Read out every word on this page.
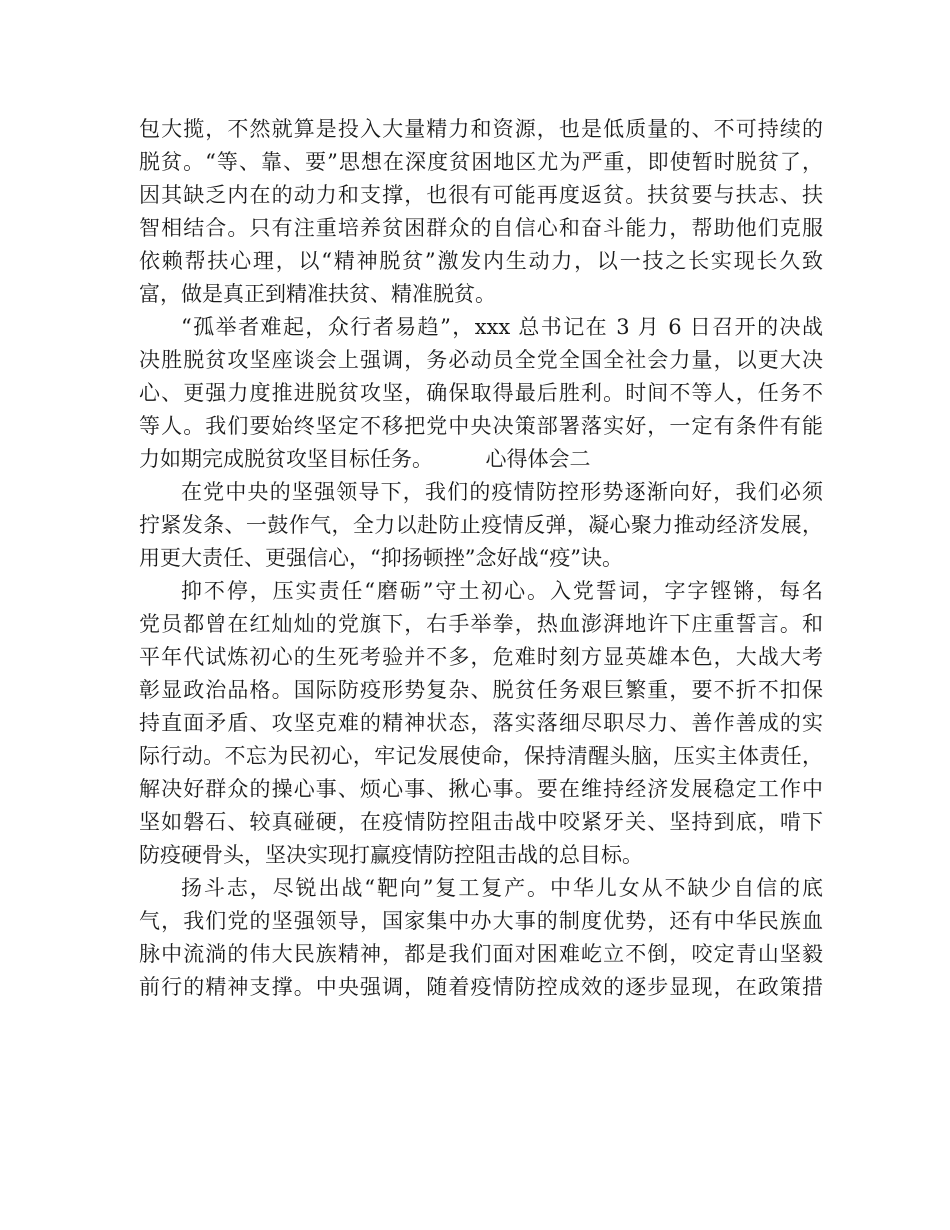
包大揽，不然就算是投入大量精力和资源，也是低质量的、不可持续的
脱贫。“等、靠、要”思想在深度贫困地区尤为严重，即使暂时脱贫了，
因其缺乏内在的动力和支撑，也很有可能再度返贫。扶贫要与扶志、扶
智相结合。只有注重培养贫困群众的自信心和奋斗能力，帮助他们克服
依赖帮扶心理，以“精神脱贫”激发内生动力，以一技之长实现长久致
富，做是真正到精准扶贫、精准脱贫。
“孤举者难起，众行者易趋”，xxx 总书记在 3 月 6 日召开的决战
决胜脱贫攻坚座谈会上强调，务必动员全党全国全社会力量，以更大决
心、更强力度推进脱贫攻坚，确保取得最后胜利。时间不等人，任务不
等人。我们要始终坚定不移把党中央决策部署落实好，一定有条件有能
力如期完成脱贫攻坚目标任务。　　　心得体会二
在党中央的坚强领导下，我们的疫情防控形势逐渐向好，我们必须
拧紧发条、一鼓作气，全力以赴防止疫情反弹，凝心聚力推动经济发展，
用更大责任、更强信心，“抑扬顿挫”念好战“疫”诀。
抑不停，压实责任“磨砺”守土初心。入党誓词，字字铿锵，每名
党员都曾在红灿灿的党旗下，右手举拳，热血澎湃地许下庄重誓言。和
平年代试炼初心的生死考验并不多，危难时刻方显英雄本色，大战大考
彰显政治品格。国际防疫形势复杂、脱贫任务艰巨繁重，要不折不扣保
持直面矛盾、攻坚克难的精神状态，落实落细尽职尽力、善作善成的实
际行动。不忘为民初心，牢记发展使命，保持清醒头脑，压实主体责任，
解决好群众的操心事、烦心事、揪心事。要在维持经济发展稳定工作中
坚如磐石、较真碰硬，在疫情防控阻击战中咬紧牙关、坚持到底，啃下
防疫硬骨头，坚决实现打赢疫情防控阻击战的总目标。
扬斗志，尽锐出战“靶向”复工复产。中华儿女从不缺少自信的底
气，我们党的坚强领导，国家集中办大事的制度优势，还有中华民族血
脉中流淌的伟大民族精神，都是我们面对困难屹立不倒，咬定青山坚毅
前行的精神支撑。中央强调，随着疫情防控成效的逐步显现，在政策措
